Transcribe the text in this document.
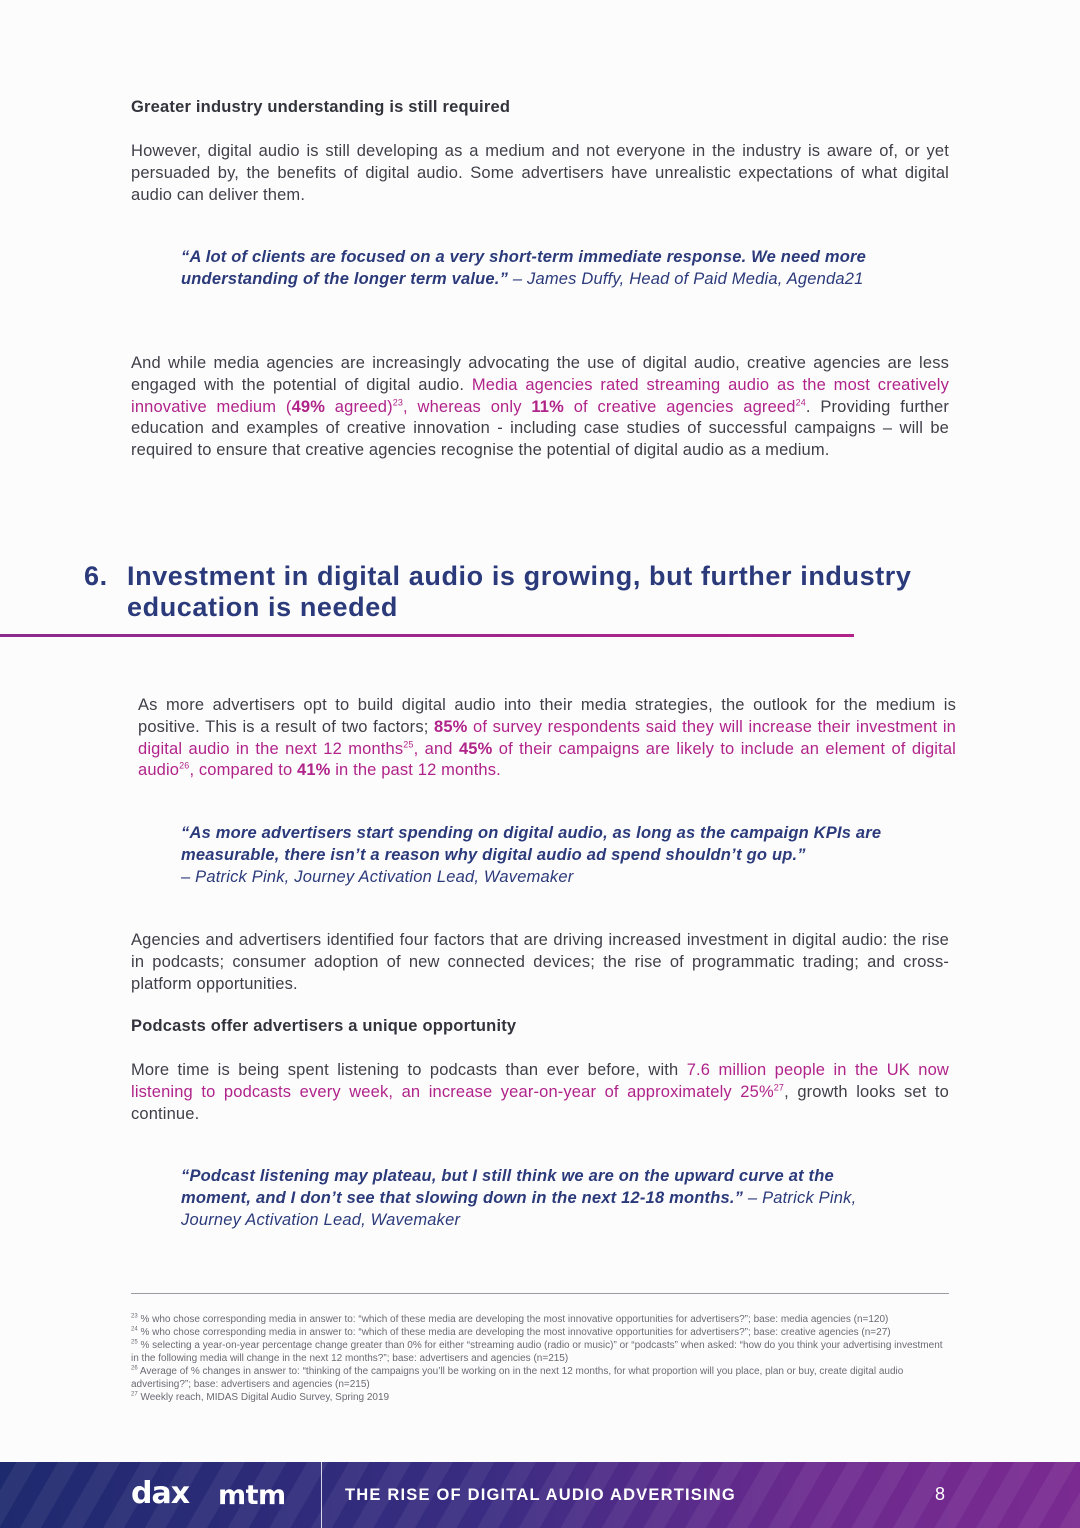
Greater industry understanding is still required

However, digital audio is still developing as a medium and not everyone in the industry is aware of, or yet persuaded by, the benefits of digital audio. Some advertisers have unrealistic expectations of what digital audio can deliver them.

“A lot of clients are focused on a very short-term immediate response. We need more understanding of the longer term value.” – James Duffy, Head of Paid Media, Agenda21

And while media agencies are increasingly advocating the use of digital audio, creative agencies are less engaged with the potential of digital audio. Media agencies rated streaming audio as the most creatively innovative medium (49% agreed)$^{23}$, whereas only 11% of creative agencies agreed$^{24}$. Providing further education and examples of creative innovation - including case studies of successful campaigns – will be required to ensure that creative agencies recognise the potential of digital audio as a medium.

6. Investment in digital audio is growing, but further industry education is needed

As more advertisers opt to build digital audio into their media strategies, the outlook for the medium is positive. This is a result of two factors; 85% of survey respondents said they will increase their investment in digital audio in the next 12 months$^{25}$, and 45% of their campaigns are likely to include an element of digital audio$^{26}$, compared to 41% in the past 12 months.

“As more advertisers start spending on digital audio, as long as the campaign KPIs are measurable, there isn’t a reason why digital audio ad spend shouldn’t go up.”
– Patrick Pink, Journey Activation Lead, Wavemaker

Agencies and advertisers identified four factors that are driving increased investment in digital audio: the rise in podcasts; consumer adoption of new connected devices; the rise of programmatic trading; and cross-platform opportunities.

Podcasts offer advertisers a unique opportunity

More time is being spent listening to podcasts than ever before, with 7.6 million people in the UK now listening to podcasts every week, an increase year-on-year of approximately 25%$^{27}$, growth looks set to continue.

“Podcast listening may plateau, but I still think we are on the upward curve at the moment, and I don’t see that slowing down in the next 12-18 months.” – Patrick Pink, Journey Activation Lead, Wavemaker

$^{23}$ % who chose corresponding media in answer to: “which of these media are developing the most innovative opportunities for advertisers?”; base: media agencies (n=120)
$^{24}$ % who chose corresponding media in answer to: “which of these media are developing the most innovative opportunities for advertisers?”; base: creative agencies (n=27)
$^{25}$ % selecting a year-on-year percentage change greater than 0% for either “streaming audio (radio or music)” or “podcasts” when asked: “how do you think your advertising investment in the following media will change in the next 12 months?”; base: advertisers and agencies (n=215)
$^{26}$ Average of % changes in answer to: “thinking of the campaigns you’ll be working on in the next 12 months, for what proportion will you place, plan or buy, create digital audio advertising?”; base: advertisers and agencies (n=215)
$^{27}$ Weekly reach, MIDAS Digital Audio Survey, Spring 2019
dax mtm	THE RISE OF DIGITAL AUDIO ADVERTISING	8
